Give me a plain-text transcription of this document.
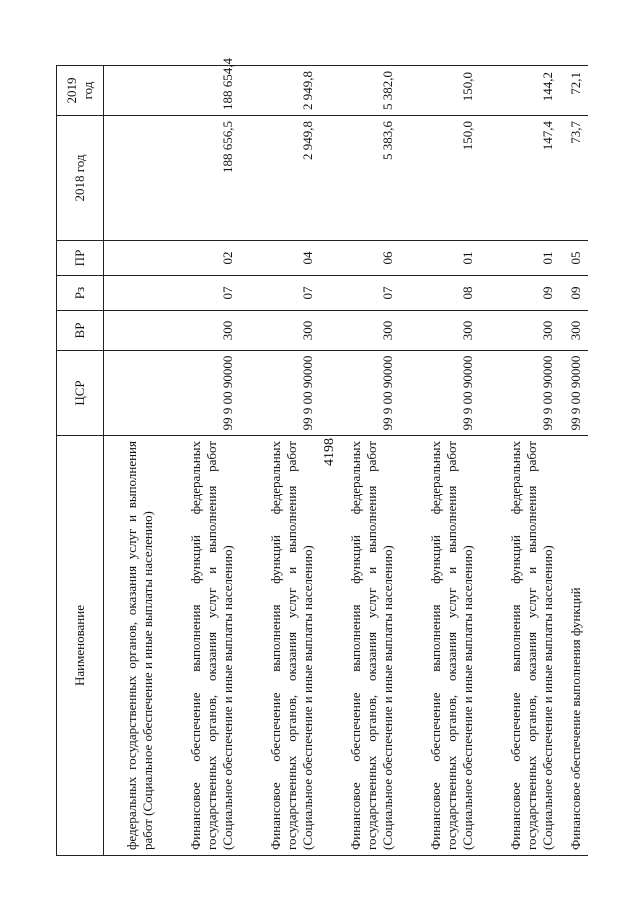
4198
Наименование	ЦСР	ВР	Рз	ПР	2018 год	2019 год
федеральных государственных органов, оказания услуг и выполнения работ (Социальное обеспечение и иные выплаты населению)						
Финансовое обеспечение выполнения функций федеральных государственных органов, оказания услуг и выполнения работ (Социальное обеспечение и иные выплаты населению)	99 9 00 90000	300	07	02	188 656,5	188 654,4
Финансовое обеспечение выполнения функций федеральных государственных органов, оказания услуг и выполнения работ (Социальное обеспечение и иные выплаты населению)	99 9 00 90000	300	07	04	2 949,8	2 949,8
Финансовое обеспечение выполнения функций федеральных государственных органов, оказания услуг и выполнения работ (Социальное обеспечение и иные выплаты населению)	99 9 00 90000	300	07	06	5 383,6	5 382,0
Финансовое обеспечение выполнения функций федеральных государственных органов, оказания услуг и выполнения работ (Социальное обеспечение и иные выплаты населению)	99 9 00 90000	300	08	01	150,0	150,0
Финансовое обеспечение выполнения функций федеральных государственных органов, оказания услуг и выполнения работ (Социальное обеспечение и иные выплаты населению)	99 9 00 90000	300	09	01	147,4	144,2
Финансовое обеспечение выполнения функций	99 9 00 90000	300	09	05	73,7	72,1
